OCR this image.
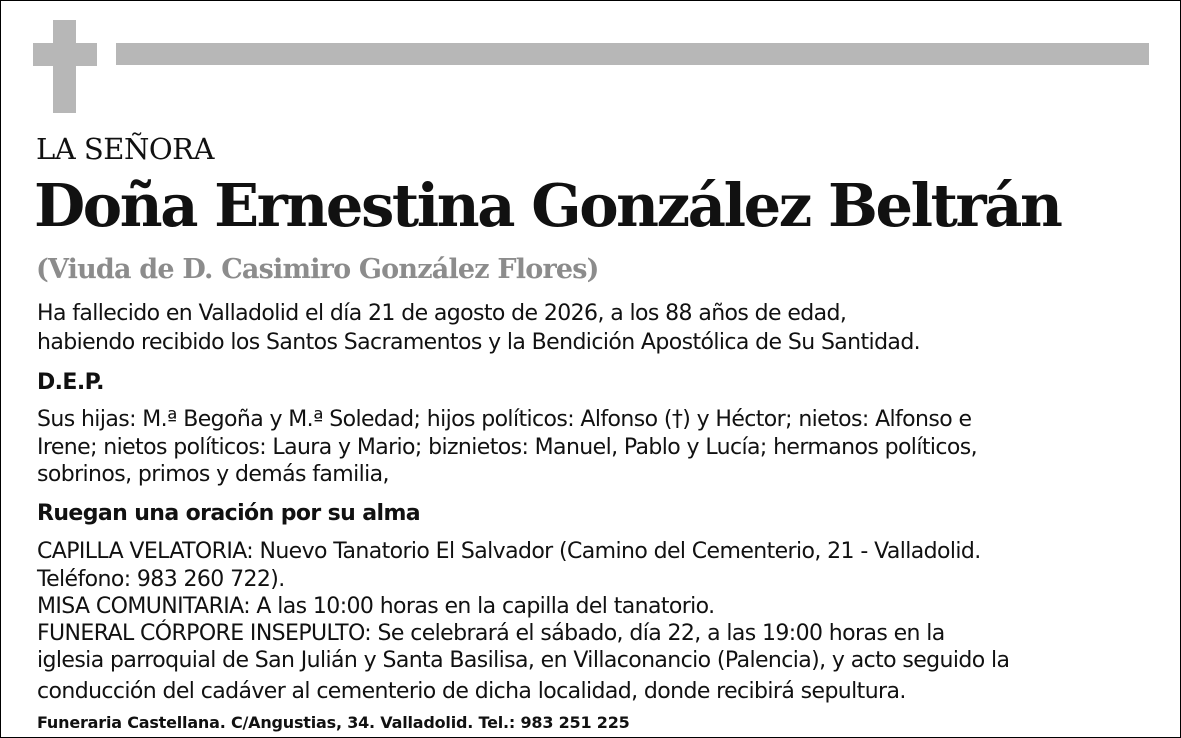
LA SEÑORA
Doña Ernestina González Beltrán
(Viuda de D. Casimiro González Flores)
Ha fallecido en Valladolid el día 21 de agosto de 2026, a los 88 años de edad,
habiendo recibido los Santos Sacramentos y la Bendición Apostólica de Su Santidad.
D.E.P.
Sus hijas: M.ª Begoña y M.ª Soledad; hijos políticos: Alfonso (†) y Héctor; nietos: Alfonso e
Irene; nietos políticos: Laura y Mario; biznietos: Manuel, Pablo y Lucía; hermanos políticos,
sobrinos, primos y demás familia,
Ruegan una oración por su alma
CAPILLA VELATORIA: Nuevo Tanatorio El Salvador (Camino del Cementerio, 21 - Valladolid.
Teléfono: 983 260 722).
MISA COMUNITARIA: A las 10:00 horas en la capilla del tanatorio.
FUNERAL CÓRPORE INSEPULTO: Se celebrará el sábado, día 22, a las 19:00 horas en la
iglesia parroquial de San Julián y Santa Basilisa, en Villaconancio (Palencia), y acto seguido la
conducción del cadáver al cementerio de dicha localidad, donde recibirá sepultura.
Funeraria Castellana. C/Angustias, 34. Valladolid. Tel.: 983 251 225
